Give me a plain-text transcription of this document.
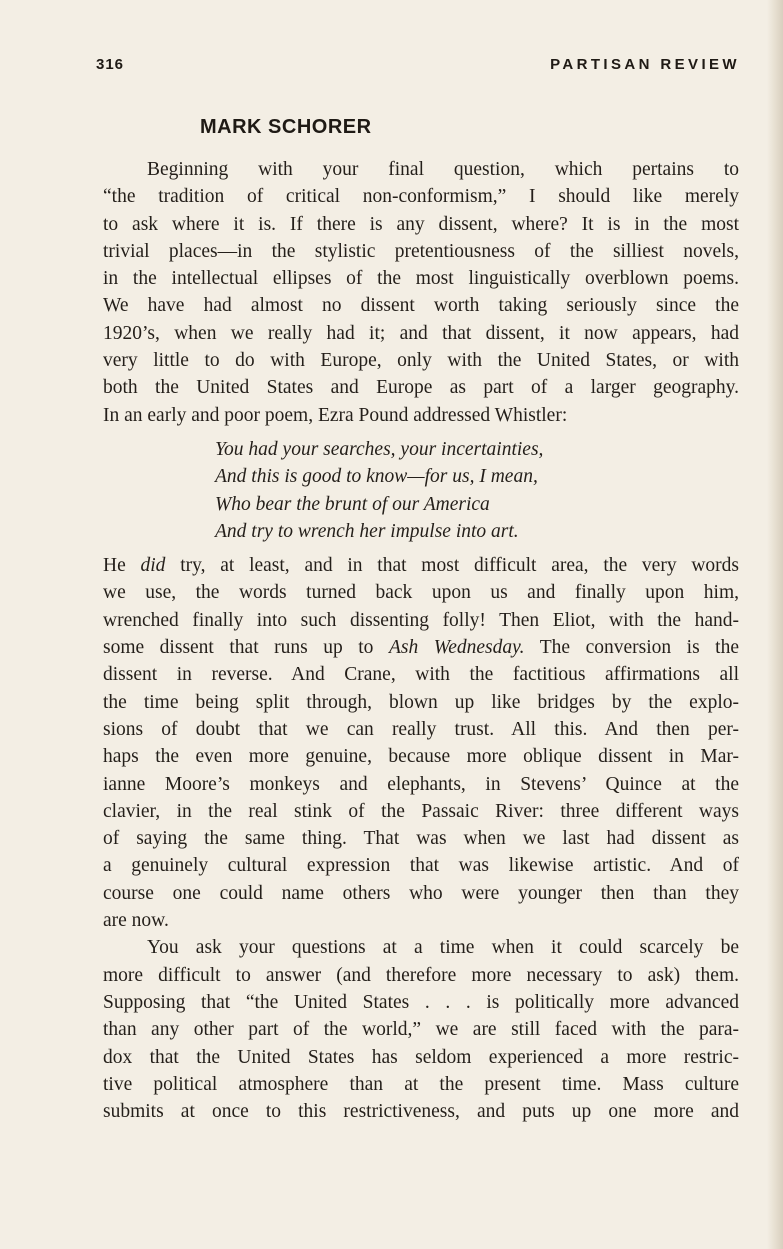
316	PARTISAN REVIEW
MARK SCHORER
Beginning with your final question, which pertains to
“the tradition of critical non-conformism,” I should like merely
to ask where it is. If there is any dissent, where? It is in the most
trivial places—in the stylistic pretentiousness of the silliest novels,
in the intellectual ellipses of the most linguistically overblown poems.
We have had almost no dissent worth taking seriously since the
1920’s, when we really had it; and that dissent, it now appears, had
very little to do with Europe, only with the United States, or with
both the United States and Europe as part of a larger geography.
In an early and poor poem, Ezra Pound addressed Whistler:
You had your searches, your incertainties,
And this is good to know—for us, I mean,
Who bear the brunt of our America
And try to wrench her impulse into art.
He did try, at least, and in that most difficult area, the very words
we use, the words turned back upon us and finally upon him,
wrenched finally into such dissenting folly! Then Eliot, with the hand-
some dissent that runs up to Ash Wednesday. The conversion is the
dissent in reverse. And Crane, with the factitious affirmations all
the time being split through, blown up like bridges by the explo-
sions of doubt that we can really trust. All this. And then per-
haps the even more genuine, because more oblique dissent in Mar-
ianne Moore’s monkeys and elephants, in Stevens’ Quince at the
clavier, in the real stink of the Passaic River: three different ways
of saying the same thing. That was when we last had dissent as
a genuinely cultural expression that was likewise artistic. And of
course one could name others who were younger then than they
are now.
You ask your questions at a time when it could scarcely be
more difficult to answer (and therefore more necessary to ask) them.
Supposing that “the United States . . . is politically more advanced
than any other part of the world,” we are still faced with the para-
dox that the United States has seldom experienced a more restric-
tive political atmosphere than at the present time. Mass culture
submits at once to this restrictiveness, and puts up one more and
